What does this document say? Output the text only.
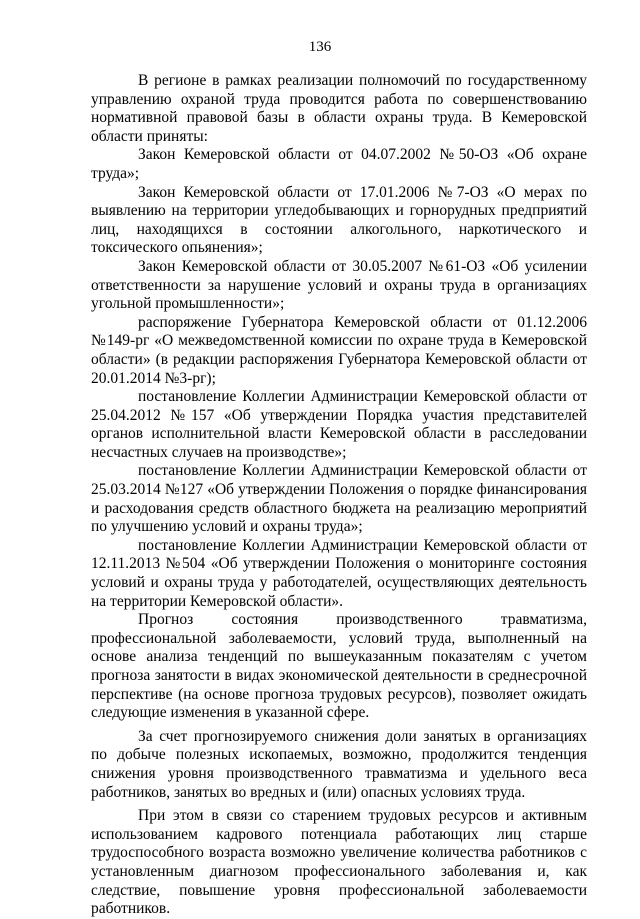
136

В регионе в рамках реализации полномочий по государственному управлению охраной труда проводится работа по совершенствованию нормативной правовой базы в области охраны труда. В Кемеровской области приняты:

Закон Кемеровской области от 04.07.2002 №50-ОЗ «Об охране труда»;

Закон Кемеровской области от 17.01.2006 №7-ОЗ «О мерах по выявлению на территории угледобывающих и горнорудных предприятий лиц, находящихся в состоянии алкогольного, наркотического и токсического опьянения»;

Закон Кемеровской области от 30.05.2007 №61-ОЗ «Об усилении ответственности за нарушение условий и охраны труда в организациях угольной промышленности»;

распоряжение Губернатора Кемеровской области от 01.12.2006 №149-рг «О межведомственной комиссии по охране труда в Кемеровской области» (в редакции распоряжения Губернатора Кемеровской области от 20.01.2014 №3-рг);

постановление Коллегии Администрации Кемеровской области от 25.04.2012 №157 «Об утверждении Порядка участия представителей органов исполнительной власти Кемеровской области в расследовании несчастных случаев на производстве»;

постановление Коллегии Администрации Кемеровской области от 25.03.2014 №127 «Об утверждении Положения о порядке финансирования и расходования средств областного бюджета на реализацию мероприятий по улучшению условий и охраны труда»;

постановление Коллегии Администрации Кемеровской области от 12.11.2013 №504 «Об утверждении Положения о мониторинге состояния условий и охраны труда у работодателей, осуществляющих деятельность на территории Кемеровской области».

Прогноз состояния производственного травматизма, профессиональной заболеваемости, условий труда, выполненный на основе анализа тенденций по вышеуказанным показателям с учетом прогноза занятости в видах экономической деятельности в среднесрочной перспективе (на основе прогноза трудовых ресурсов), позволяет ожидать следующие изменения в указанной сфере.

За счет прогнозируемого снижения доли занятых в организациях по добыче полезных ископаемых, возможно, продолжится тенденция снижения уровня производственного травматизма и удельного веса работников, занятых во вредных и (или) опасных условиях труда.

При этом в связи со старением трудовых ресурсов и активным использованием кадрового потенциала работающих лиц старше трудоспособного возраста возможно увеличение количества работников с установленным диагнозом профессионального заболевания и, как следствие, повышение уровня профессиональной заболеваемости работников.
